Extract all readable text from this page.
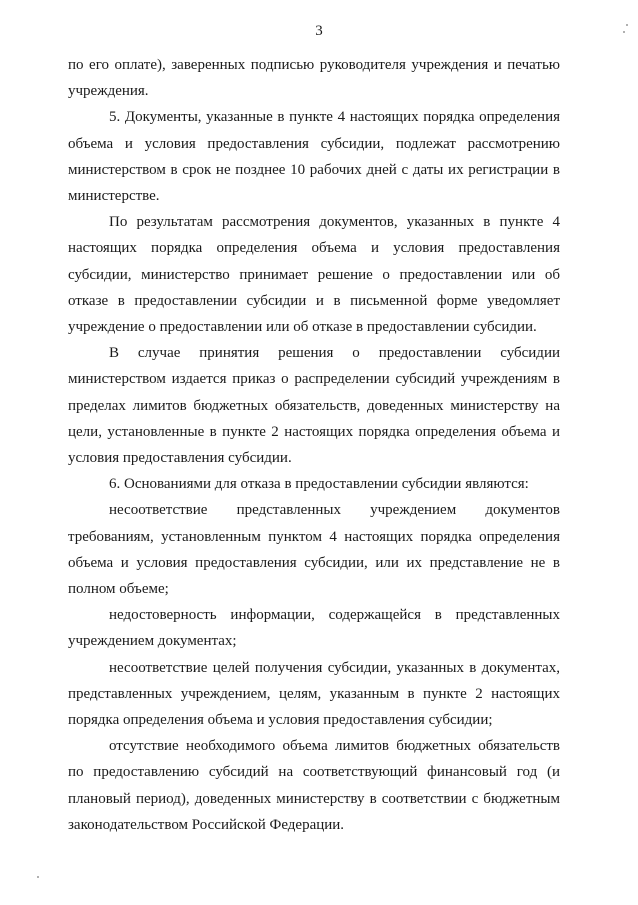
3

по его оплате), заверенных подписью руководителя учреждения и печатью учреждения.

5. Документы, указанные в пункте 4 настоящих порядка определения объема и условия предоставления субсидии, подлежат рассмотрению министерством в срок не позднее 10 рабочих дней с даты их регистрации в министерстве.

По результатам рассмотрения документов, указанных в пункте 4 настоящих порядка определения объема и условия предоставления субсидии, министерство принимает решение о предоставлении или об отказе в предоставлении субсидии и в письменной форме уведомляет учреждение о предоставлении или об отказе в предоставлении субсидии.

В случае принятия решения о предоставлении субсидии министерством издается приказ о распределении субсидий учреждениям в пределах лимитов бюджетных обязательств, доведенных министерству на цели, установленные в пункте 2 настоящих порядка определения объема и условия предоставления субсидии.

6. Основаниями для отказа в предоставлении субсидии являются:

несоответствие представленных учреждением документов требованиям, установленным пунктом 4 настоящих порядка определения объема и условия предоставления субсидии, или их представление не в полном объеме;

недостоверность информации, содержащейся в представленных учреждением документах;

несоответствие целей получения субсидии, указанных в документах, представленных учреждением, целям, указанным в пункте 2 настоящих порядка определения объема и условия предоставления субсидии;

отсутствие необходимого объема лимитов бюджетных обязательств по предоставлению субсидий на соответствующий финансовый год (и плановый период), доведенных министерству в соответствии с бюджетным законодательством Российской Федерации.
